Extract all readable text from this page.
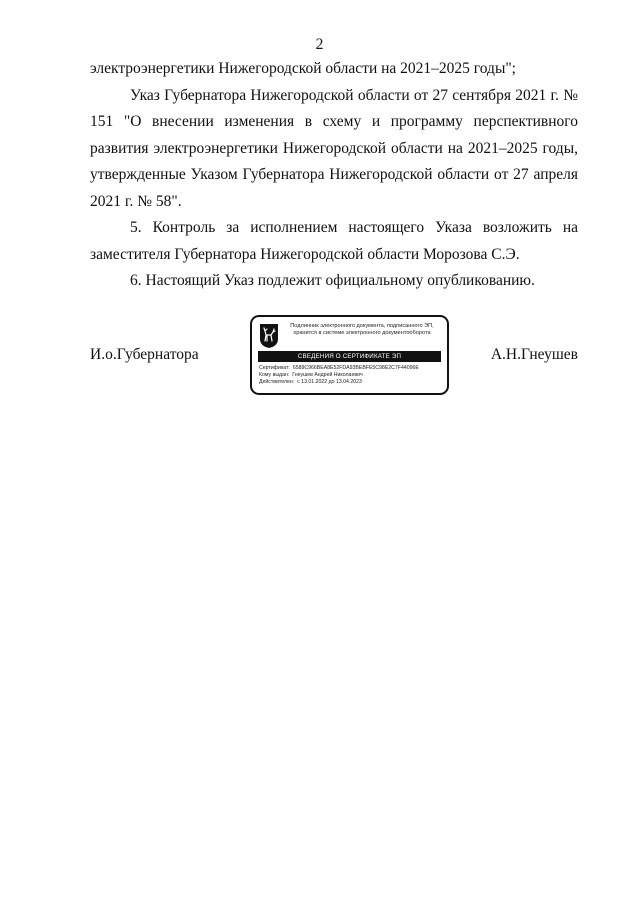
2

электроэнергетики Нижегородской области на 2021–2025 годы";

Указ Губернатора Нижегородской области от 27 сентября 2021 г. № 151 "О внесении изменения в схему и программу перспективного развития электроэнергетики Нижегородской области на 2021–2025 годы, утвержденные Указом Губернатора Нижегородской области от 27 апреля 2021 г. № 58".

5. Контроль за исполнением настоящего Указа возложить на заместителя Губернатора Нижегородской области Морозова С.Э.

6. Настоящий Указ подлежит официальному опубликованию.

И.о.Губернатора
Подлинник электронного документа, подписанного ЭП,
хранится в системе электронного документооборота
СВЕДЕНИЯ О СЕРТИФИКАТЕ ЭП
Сертификат: 6589C966BEA8E52FDA93BEBFE5C98E2C7F44096E
Кому выдан: Гнеушев Андрей Николаевич
Действителен: с 13.01.2022 до 13.04.2023
А.Н.Гнеушев
